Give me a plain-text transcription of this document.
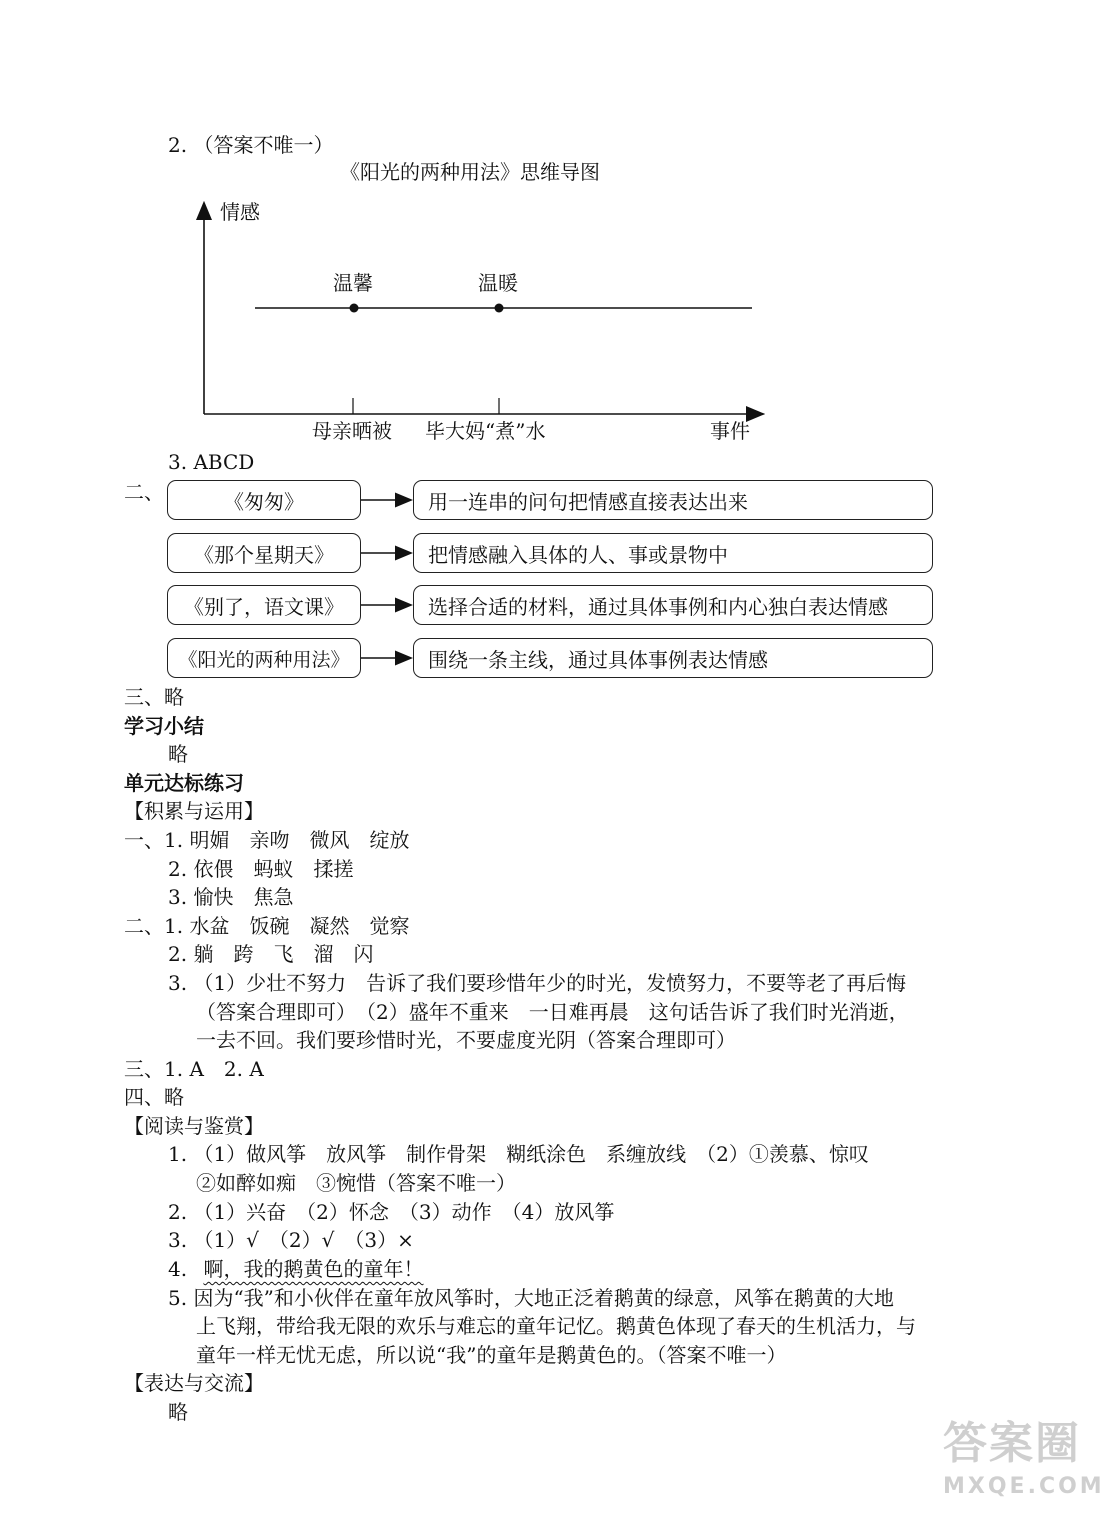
2. （答案不唯一）
《阳光的两种用法》思维导图
情感
事件
温馨	温暖
母亲晒被 毕大妈“煮”水
3. ABCD
二、	《匆匆》	用一连串的问句把情感直接表达出来
《那个星期天》	把情感融入具体的人、事或景物中
《别了，语文课》	选择合适的材料，通过具体事例和内心独白表达情感
《阳光的两种用法》	围绕一条主线，通过具体事例表达情感
三、略
学习小结
略
单元达标练习
【积累与运用】
一、1. 明媚　亲吻　微风　绽放
2. 依偎　蚂蚁　揉搓
3. 愉快　焦急
二、1. 水盆　饭碗　凝然　觉察
2. 躺　跨　飞　溜　闪
3. （1）少壮不努力　告诉了我们要珍惜年少的时光，发愤努力，不要等老了再后悔
（答案合理即可）　（2）盛年不重来　一日难再晨　这句话告诉了我们时光消逝，
一去不回。我们要珍惜时光，不要虚度光阴（答案合理即可）
三、1. A　2. A
四、略
【阅读与鉴赏】
1. （1）做风筝　放风筝　制作骨架　糊纸涂色　系缠放线　（2）①羡慕、惊叹
②如醉如痴　③惋惜（答案不唯一）
2. （1）兴奋　（2）怀念　（3）动作　（4）放风筝
3. （1）√　（2）√　（3）×
4. 啊，我的鹅黄色的童年！
5. 因为“我”和小伙伴在童年放风筝时，大地正泛着鹅黄的绿意，风筝在鹅黄的大地
上飞翔，带给我无限的欢乐与难忘的童年记忆。鹅黄色体现了春天的生机活力，与
童年一样无忧无虑，所以说“我”的童年是鹅黄色的。（答案不唯一）
【表达与交流】
略
答案圈
MXQE.COM
